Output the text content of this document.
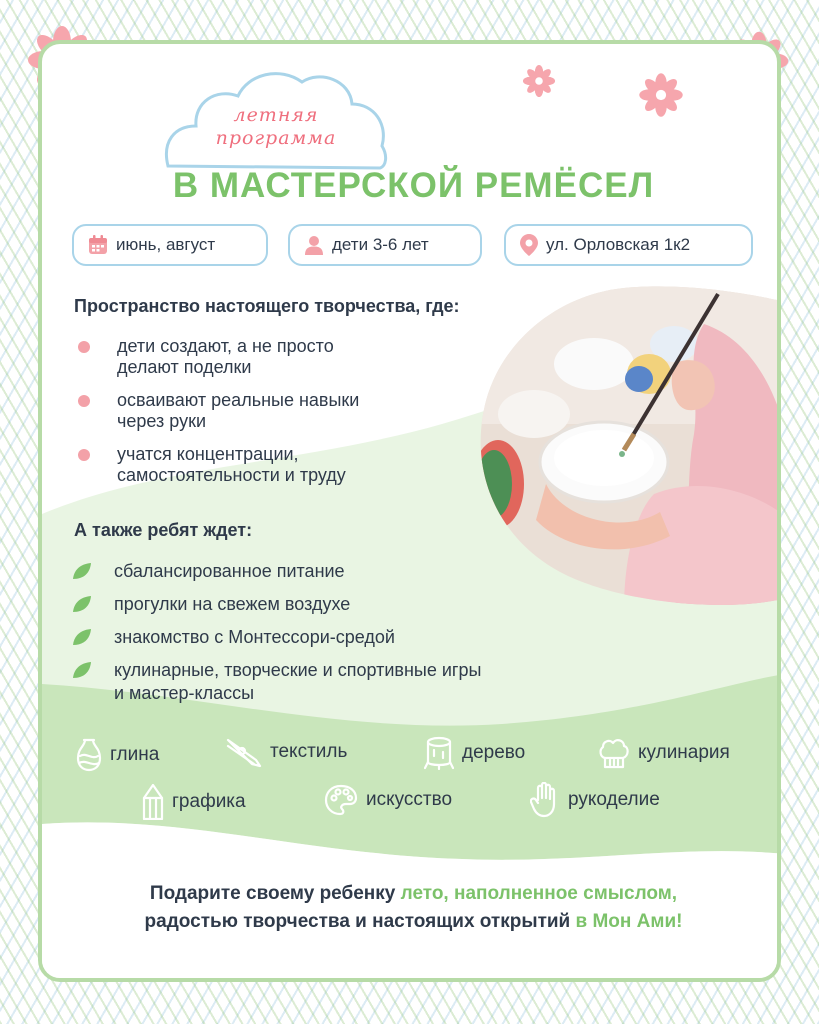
летняя
программа
В МАСТЕРСКОЙ РЕМЁСЕЛ
июнь, август	дети 3-6 лет	ул. Орловская 1к2
Пространство настоящего творчества, где:
дети создают, а не просто
делают поделки
осваивают реальные навыки
через руки
учатся концентрации,
самостоятельности и труду
А также ребят ждет:
сбалансированное питание
прогулки на свежем воздухе
знакомство с Монтессори-средой
кулинарные, творческие и спортивные игры
и мастер-классы
глина	текстиль	дерево	кулинария
графика	искусство	рукоделие
Подарите своему ребенку лето, наполненное смыслом,
радостью творчества и настоящих открытий в Мон Ами!
